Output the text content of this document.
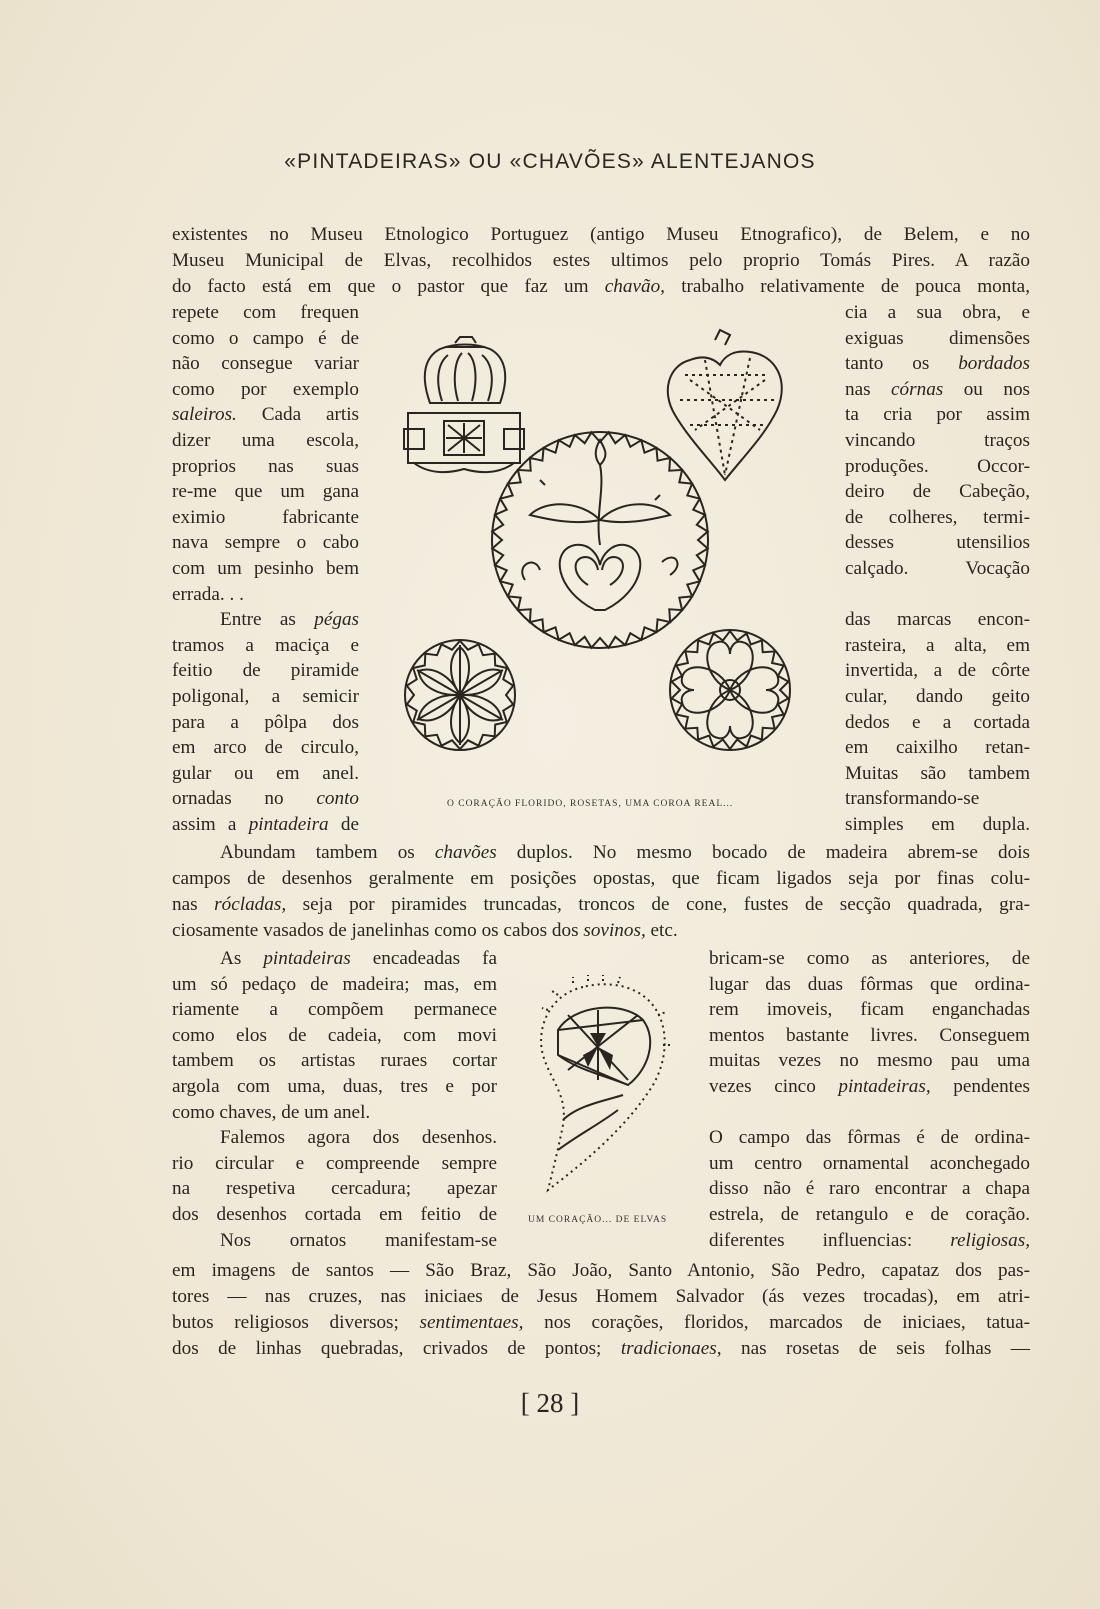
«PINTADEIRAS» OU «CHAVÕES» ALENTEJANOS
existentes no Museu Etnologico Portuguez (antigo Museu Etnografico), de Belem, e no
Museu Municipal de Elvas, recolhidos estes ultimos pelo proprio Tomás Pires. A razão
do facto está em que o pastor que faz um chavão, trabalho relativamente de pouca monta,
repete com frequen
como o campo é de
não consegue variar
como por exemplo
saleiros. Cada artis
dizer uma escola,
proprios nas suas
re-me que um gana
eximio fabricante
nava sempre o cabo
com um pesinho bem
errada. . .
Entre as pégas
tramos a maciça e
feitio de piramide
poligonal, a semicir
para a pôlpa dos
em arco de circulo,
gular ou em anel.
ornadas no conto
assim a pintadeira de
cia a sua obra, e
exiguas dimensões
tanto os bordados
nas córnas ou nos
ta cria por assim
vincando traços
produções. Occor-
deiro de Cabeção,
de colheres, termi-
desses utensilios
calçado. Vocação
das marcas encon-
rasteira, a alta, em
invertida, a de côrte
cular, dando geito
dedos e a cortada
em caixilho retan-
Muitas são tambem
transformando-se
simples em dupla.
Abundam tambem os chavões duplos. No mesmo bocado de madeira abrem-se dois
campos de desenhos geralmente em posições opostas, que ficam ligados seja por finas colu-
nas rócladas, seja por piramides truncadas, troncos de cone, fustes de secção quadrada, gra-
ciosamente vasados de janelinhas como os cabos dos sovinos, etc.
As pintadeiras encadeadas fa
um só pedaço de madeira; mas, em
riamente a compõem permanece
como elos de cadeia, com movi
tambem os artistas ruraes cortar
argola com uma, duas, tres e por
como chaves, de um anel.
Falemos agora dos desenhos.
rio circular e compreende sempre
na respetiva cercadura; apezar
dos desenhos cortada em feitio de
Nos ornatos manifestam-se
bricam-se como as anteriores, de
lugar das duas fôrmas que ordina-
rem imoveis, ficam enganchadas
mentos bastante livres. Conseguem
muitas vezes no mesmo pau uma
vezes cinco pintadeiras, pendentes
O campo das fôrmas é de ordina-
um centro ornamental aconchegado
disso não é raro encontrar a chapa
estrela, de retangulo e de coração.
diferentes influencias: religiosas,
em imagens de santos — São Braz, São João, Santo Antonio, São Pedro, capataz dos pas-
tores — nas cruzes, nas iniciaes de Jesus Homem Salvador (ás vezes trocadas), em atri-
butos religiosos diversos; sentimentaes, nos corações, floridos, marcados de iniciaes, tatua-
dos de linhas quebradas, crivados de pontos; tradicionaes, nas rosetas de seis folhas —
O CORAÇÃO FLORIDO, ROSETAS, UMA COROA REAL...
UM CORAÇÃO... DE ELVAS
[ 28 ]
